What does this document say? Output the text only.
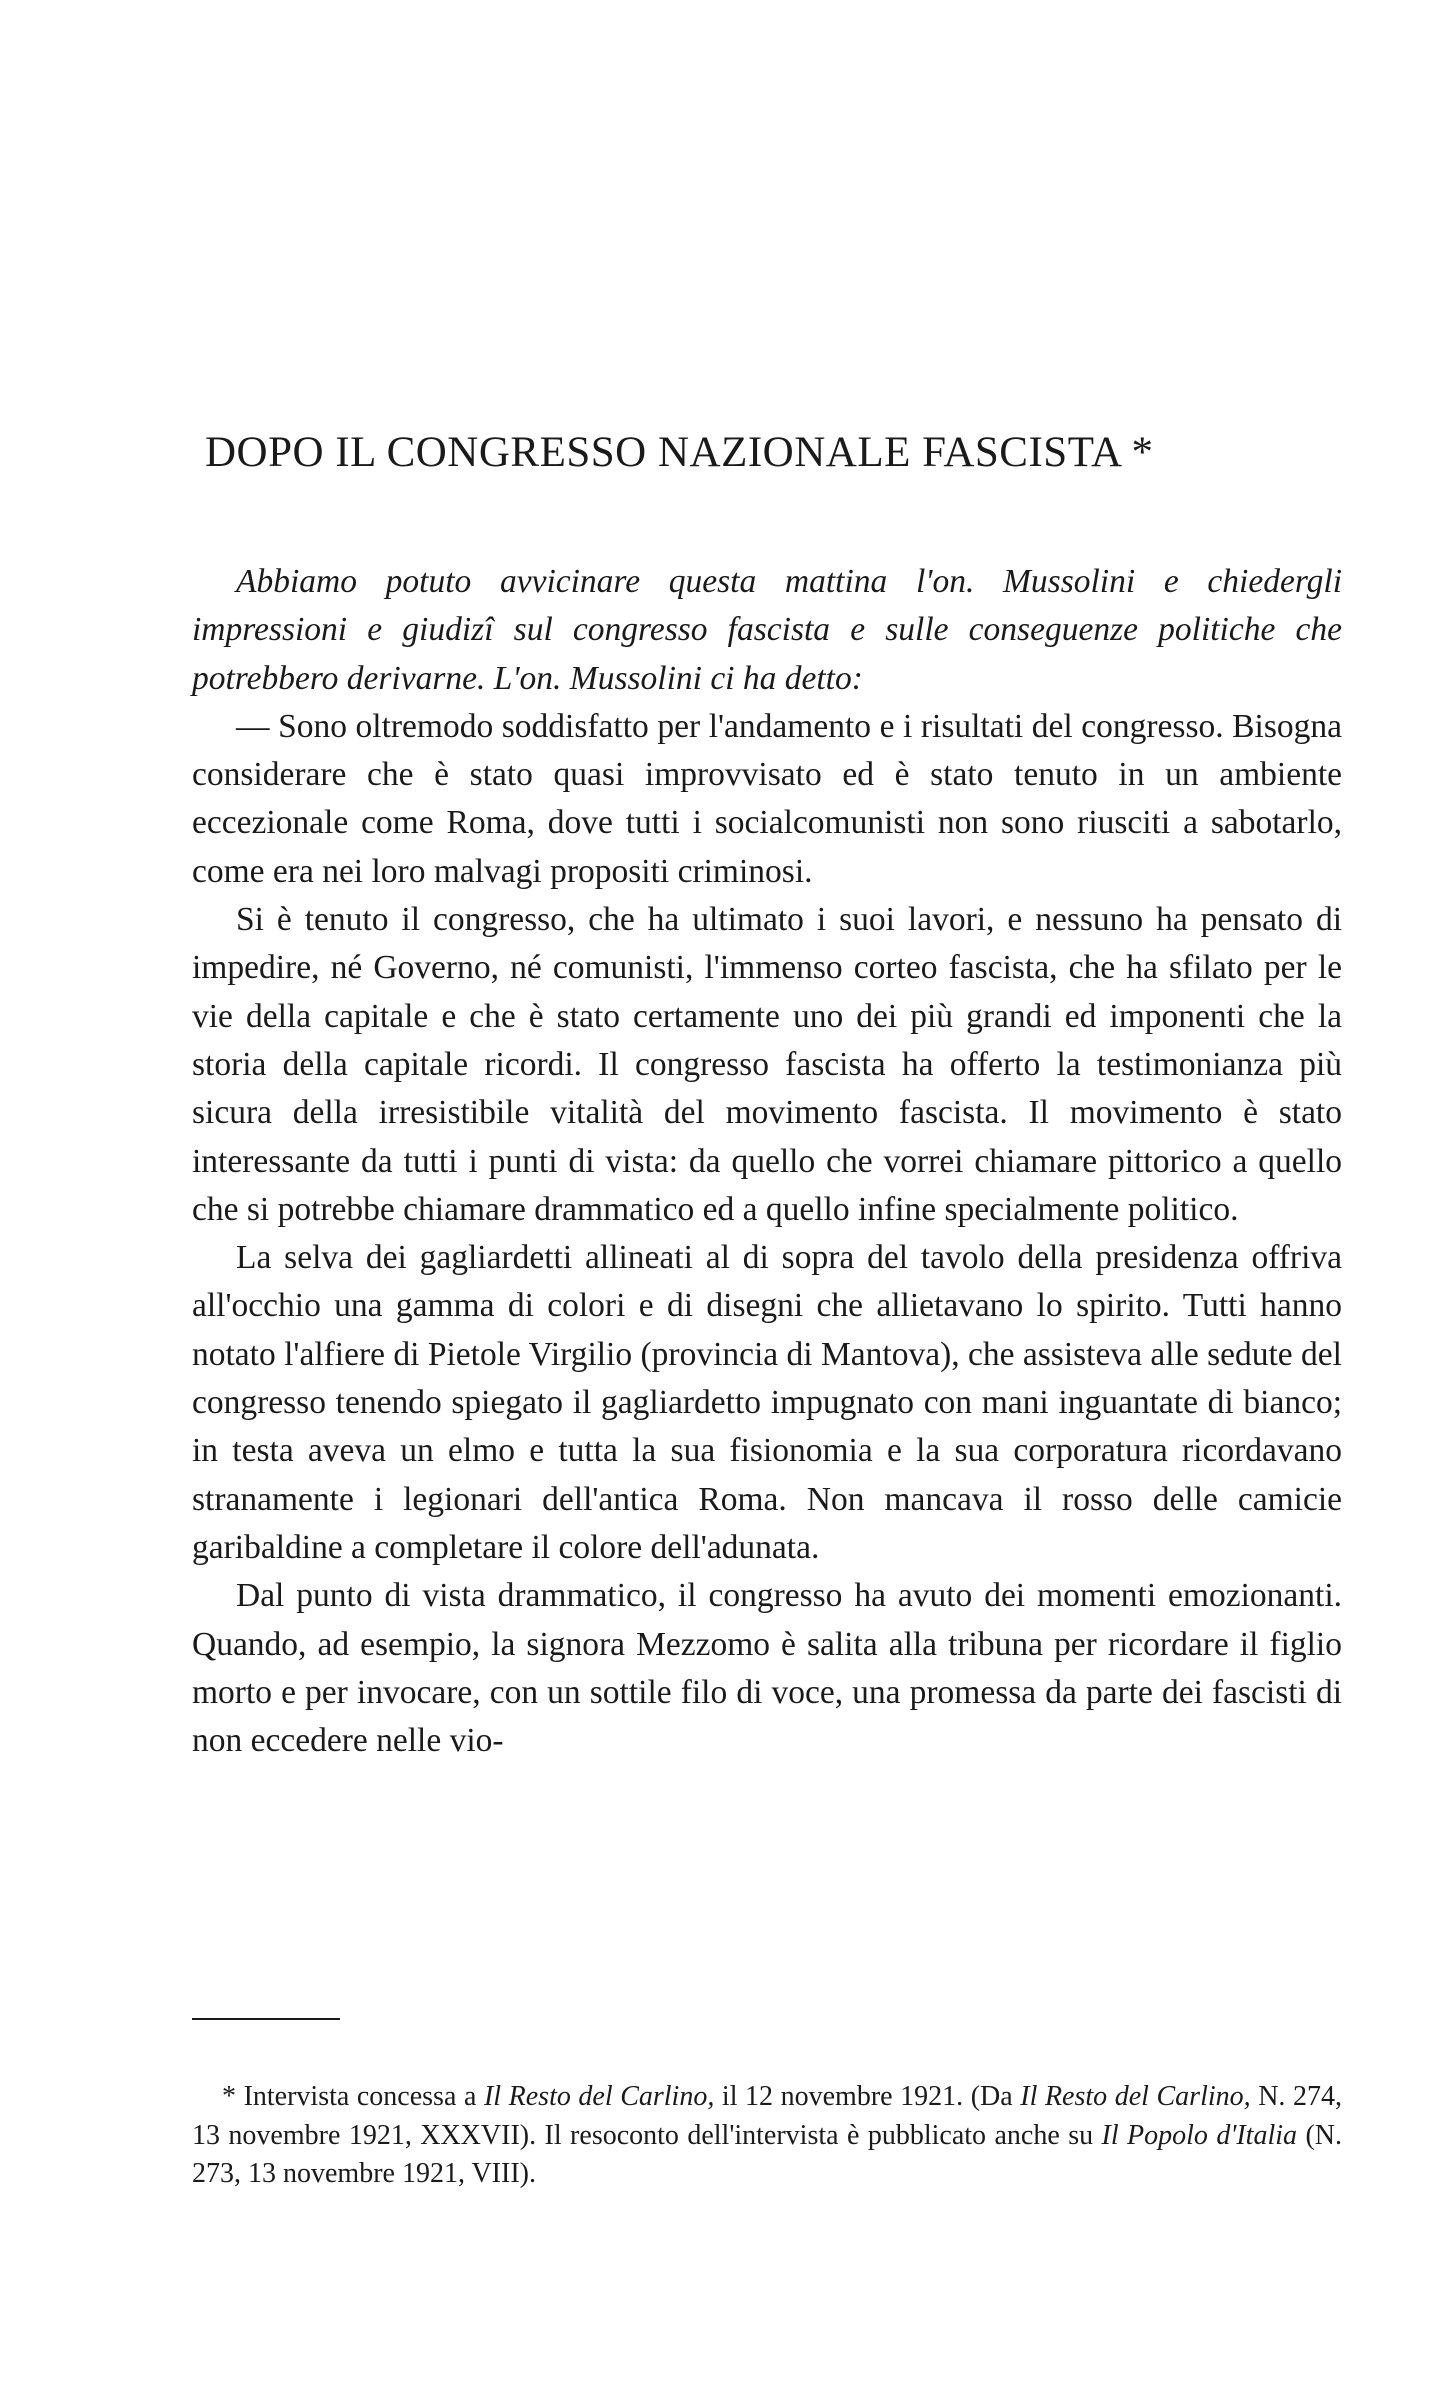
DOPO IL CONGRESSO NAZIONALE FASCISTA *

Abbiamo potuto avvicinare questa mattina l'on. Mussolini e chiedergli impressioni e giudizî sul congresso fascista e sulle conseguenze politiche che potrebbero derivarne. L'on. Mussolini ci ha detto:

— Sono oltremodo soddisfatto per l'andamento e i risultati del congresso. Bisogna considerare che è stato quasi improvvisato ed è stato tenuto in un ambiente eccezionale come Roma, dove tutti i socialcomunisti non sono riusciti a sabotarlo, come era nei loro malvagi propositi criminosi.

Si è tenuto il congresso, che ha ultimato i suoi lavori, e nessuno ha pensato di impedire, né Governo, né comunisti, l'immenso corteo fascista, che ha sfilato per le vie della capitale e che è stato certamente uno dei più grandi ed imponenti che la storia della capitale ricordi. Il congresso fascista ha offerto la testimonianza più sicura della irresistibile vitalità del movimento fascista. Il movimento è stato interessante da tutti i punti di vista: da quello che vorrei chiamare pittorico a quello che si potrebbe chiamare drammatico ed a quello infine specialmente politico.

La selva dei gagliardetti allineati al di sopra del tavolo della presidenza offriva all'occhio una gamma di colori e di disegni che allietavano lo spirito. Tutti hanno notato l'alfiere di Pietole Virgilio (provincia di Mantova), che assisteva alle sedute del congresso tenendo spiegato il gagliardetto impugnato con mani inguantate di bianco; in testa aveva un elmo e tutta la sua fisionomia e la sua corporatura ricordavano stranamente i legionari dell'antica Roma. Non mancava il rosso delle camicie garibaldine a completare il colore dell'adunata.

Dal punto di vista drammatico, il congresso ha avuto dei momenti emozionanti. Quando, ad esempio, la signora Mezzomo è salita alla tribuna per ricordare il figlio morto e per invocare, con un sottile filo di voce, una promessa da parte dei fascisti di non eccedere nelle vio-

* Intervista concessa a Il Resto del Carlino, il 12 novembre 1921. (Da Il Resto del Carlino, N. 274, 13 novembre 1921, XXXVII). Il resoconto dell'intervista è pubblicato anche su Il Popolo d'Italia (N. 273, 13 novembre 1921, VIII).
